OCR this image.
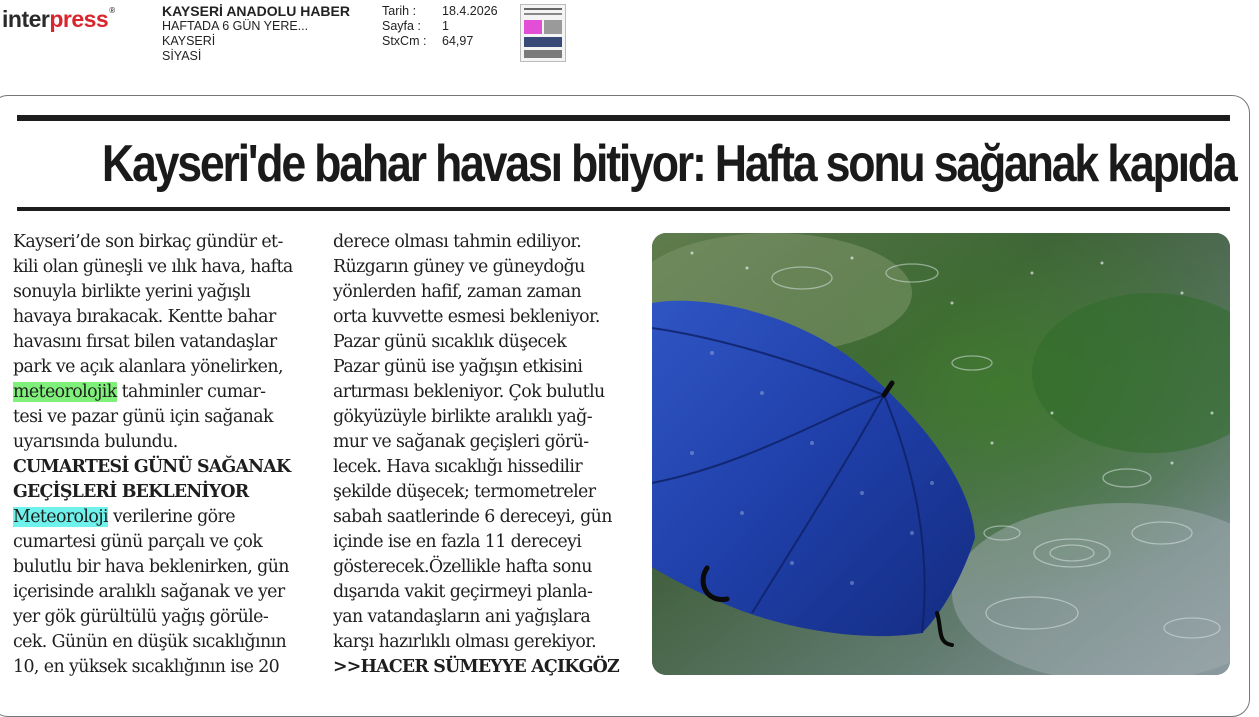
interpress®	KAYSERİ ANADOLU HABER
HAFTADA 6 GÜN YERE...
KAYSERİ
SİYASİ
Tarih :	18.4.2026
Sayfa :	1
StxCm :	64,97
Kayseri'de bahar havası bitiyor: Hafta sonu sağanak kapıda
Kayseri’de son birkaç gündür et-
kili olan güneşli ve ılık hava, hafta
sonuyla birlikte yerini yağışlı
havaya bırakacak. Kentte bahar
havasını fırsat bilen vatandaşlar
park ve açık alanlara yönelirken,
meteorolojik tahminler cumar-
tesi ve pazar günü için sağanak
uyarısında bulundu.
CUMARTESİ GÜNÜ SAĞANAK
GEÇİŞLERİ BEKLENİYOR
Meteoroloji verilerine göre
cumartesi günü parçalı ve çok
bulutlu bir hava beklenirken, gün
içerisinde aralıklı sağanak ve yer
yer gök gürültülü yağış görüle-
cek. Günün en düşük sıcaklığının
10, en yüksek sıcaklığının ise 20
derece olması tahmin ediliyor.
Rüzgarın güney ve güneydoğu
yönlerden hafif, zaman zaman
orta kuvvette esmesi bekleniyor.
Pazar günü sıcaklık düşecek
Pazar günü ise yağışın etkisini
artırması bekleniyor. Çok bulutlu
gökyüzüyle birlikte aralıklı yağ-
mur ve sağanak geçişleri görü-
lecek. Hava sıcaklığı hissedilir
şekilde düşecek; termometreler
sabah saatlerinde 6 dereceyi, gün
içinde ise en fazla 11 dereceyi
gösterecek.Özellikle hafta sonu
dışarıda vakit geçirmeyi planla-
yan vatandaşların ani yağışlara
karşı hazırlıklı olması gerekiyor.
>>HACER SÜMEYYE AÇIKGÖZ
